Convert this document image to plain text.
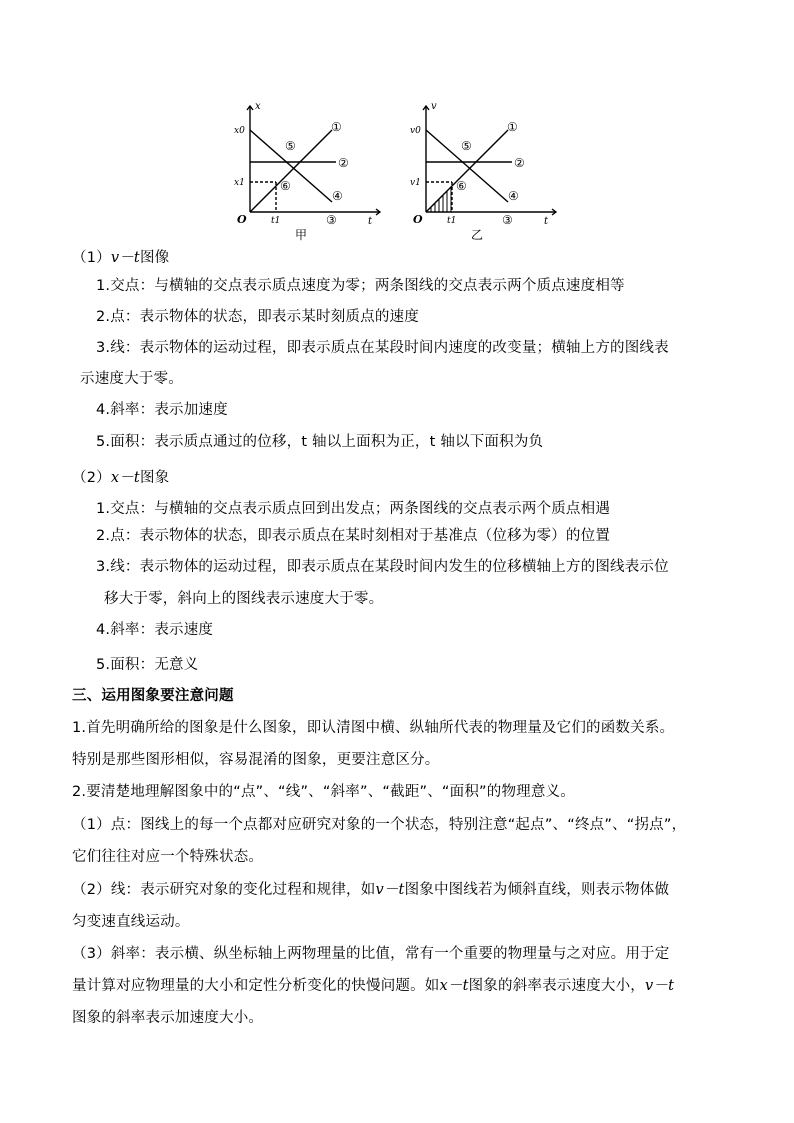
x
t
O
x0
x1
t1
①
②
③
④
⑤
⑥
甲
v
t
O
v0
v1
t1
①
②
③
④
⑤
⑥
乙
（1）v－t图像
1.交点：与横轴的交点表示质点速度为零；两条图线的交点表示两个质点速度相等
2.点：表示物体的状态，即表示某时刻质点的速度
3.线：表示物体的运动过程，即表示质点在某段时间内速度的改变量；横轴上方的图线表
示速度大于零。
4.斜率：表示加速度
5.面积：表示质点通过的位移，t 轴以上面积为正，t 轴以下面积为负
（2）x－t图象
1.交点：与横轴的交点表示质点回到出发点；两条图线的交点表示两个质点相遇
2.点：表示物体的状态，即表示质点在某时刻相对于基准点（位移为零）的位置
3.线：表示物体的运动过程，即表示质点在某段时间内发生的位移横轴上方的图线表示位
移大于零，斜向上的图线表示速度大于零。
4.斜率：表示速度
5.面积：无意义
三、运用图象要注意问题
1.首先明确所给的图象是什么图象，即认清图中横、纵轴所代表的物理量及它们的函数关系。
特别是那些图形相似，容易混淆的图象，更要注意区分。
2.要清楚地理解图象中的“点”、“线”、“斜率”、“截距”、“面积”的物理意义。
（1）点：图线上的每一个点都对应研究对象的一个状态，特别注意“起点”、“终点”、“拐点”，
它们往往对应一个特殊状态。
（2）线：表示研究对象的变化过程和规律，如v－t图象中图线若为倾斜直线，则表示物体做
匀变速直线运动。
（3）斜率：表示横、纵坐标轴上两物理量的比值，常有一个重要的物理量与之对应。用于定
量计算对应物理量的大小和定性分析变化的快慢问题。如x－t图象的斜率表示速度大小，v－t
图象的斜率表示加速度大小。
